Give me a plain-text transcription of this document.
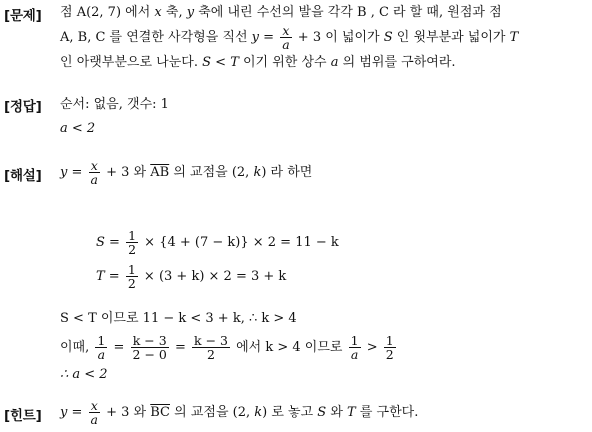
[문제] 점 A(2, 7) 에서 x 축, y 축에 내린 수선의 발을 각각 B , C 라 할 때, 원점과 점
A, B, C 를 연결한 사각형을 직선 $y = \frac{x}{a} + 3$ 이 넓이가 S 인 윗부분과 넓이가 T
인 아랫부분으로 나눈다. S < T 이기 위한 상수 a 의 범위를 구하여라.
[정답] 순서: 없음, 갯수: 1
a < 2
[해설] $y = \frac{x}{a} + 3$ 와 $\overline{AB}$ 의 교점을 (2, k) 라 하면
$S = \frac{1}{2} \times \{4 + (7 - k)\} \times 2 = 11 - k$
$T = \frac{1}{2} \times (3 + k) \times 2 = 3 + k$
S < T 이므로 11 − k < 3 + k, ∴ k > 4
이때, $\frac{1}{a} = \frac{k - 3}{2 - 0} = \frac{k - 3}{2}$ 에서 k > 4 이므로 $\frac{1}{a} > \frac{1}{2}$
∴ a < 2
[힌트] $y = \frac{x}{a} + 3$ 와 $\overline{BC}$ 의 교점을 (2, k) 로 놓고 S 와 T 를 구한다.
